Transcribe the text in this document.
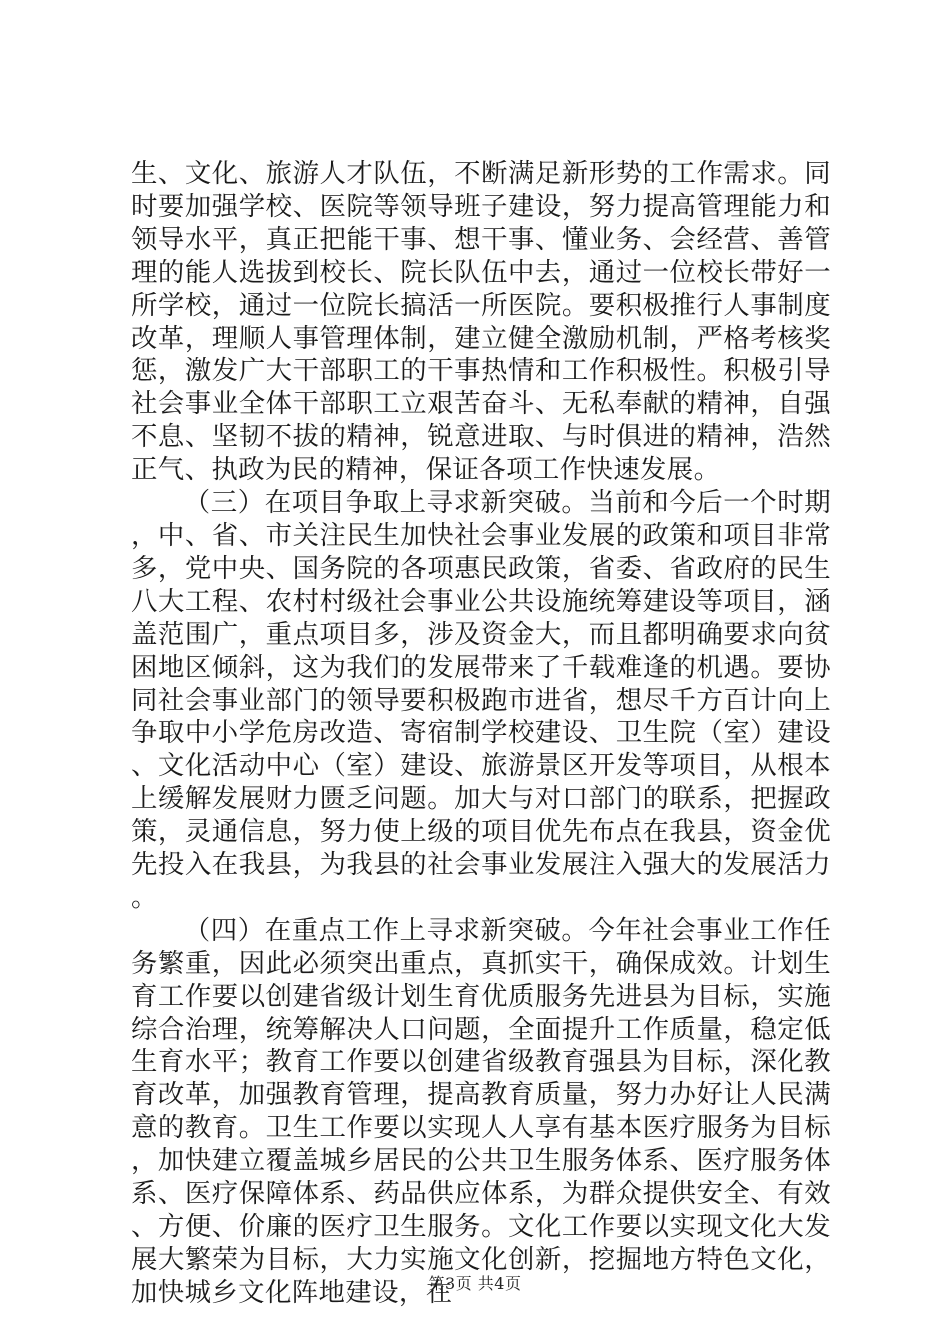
生、文化、旅游人才队伍，不断满足新形势的工作需求。同时要加强学校、医院等领导班子建设，努力提高管理能力和领导水平，真正把能干事、想干事、懂业务、会经营、善管理的能人选拔到校长、院长队伍中去，通过一位校长带好一所学校，通过一位院长搞活一所医院。要积极推行人事制度改革，理顺人事管理体制，建立健全激励机制，严格考核奖惩，激发广大干部职工的干事热情和工作积极性。积极引导社会事业全体干部职工立艰苦奋斗、无私奉献的精神，自强不息、坚韧不拔的精神，锐意进取、与时俱进的精神，浩然正气、执政为民的精神，保证各项工作快速发展。

（三）在项目争取上寻求新突破。当前和今后一个时期，中、省、市关注民生加快社会事业发展的政策和项目非常多，党中央、国务院的各项惠民政策，省委、省政府的民生八大工程、农村村级社会事业公共设施统筹建设等项目，涵盖范围广，重点项目多，涉及资金大，而且都明确要求向贫困地区倾斜，这为我们的发展带来了千载难逢的机遇。要协同社会事业部门的领导要积极跑市进省，想尽千方百计向上争取中小学危房改造、寄宿制学校建设、卫生院（室）建设、文化活动中心（室）建设、旅游景区开发等项目，从根本上缓解发展财力匮乏问题。加大与对口部门的联系，把握政策，灵通信息，努力使上级的项目优先布点在我县，资金优先投入在我县，为我县的社会事业发展注入强大的发展活力。

（四）在重点工作上寻求新突破。今年社会事业工作任务繁重，因此必须突出重点，真抓实干，确保成效。计划生育工作要以创建省级计划生育优质服务先进县为目标，实施综合治理，统筹解决人口问题，全面提升工作质量，稳定低生育水平；教育工作要以创建省级教育强县为目标，深化教育改革，加强教育管理，提高教育质量，努力办好让人民满意的教育。卫生工作要以实现人人享有基本医疗服务为目标，加快建立覆盖城乡居民的公共卫生服务体系、医疗服务体系、医疗保障体系、药品供应体系，为群众提供安全、有效、方便、价廉的医疗卫生服务。文化工作要以实现文化大发展大繁荣为目标，大力实施文化创新，挖掘地方特色文化，加快城乡文化阵地建设，在

第3页 共4页
